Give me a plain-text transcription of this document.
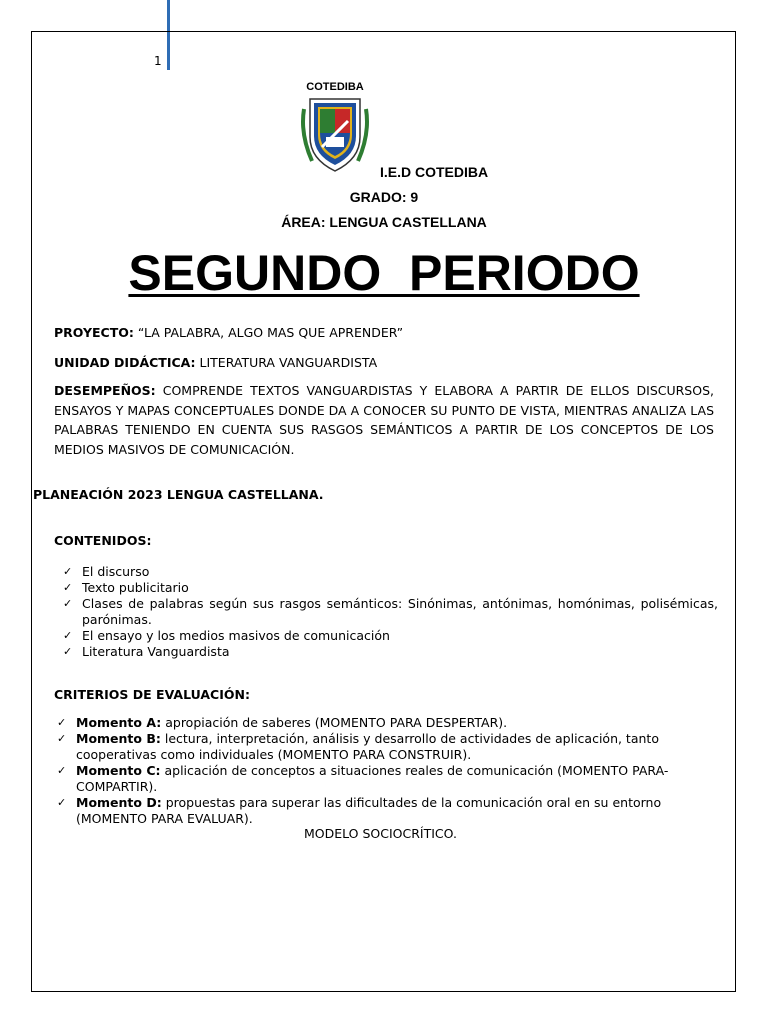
1
COTEDIBA
I.E.D COTEDIBA
GRADO: 9
ÁREA: LENGUA CASTELLANA
SEGUNDO  PERIODO
PROYECTO: “LA PALABRA, ALGO MAS QUE APRENDER”
UNIDAD DIDÁCTICA: LITERATURA VANGUARDISTA
DESEMPEÑOS: COMPRENDE TEXTOS VANGUARDISTAS Y ELABORA A PARTIR DE ELLOS DISCURSOS, ENSAYOS Y MAPAS CONCEPTUALES DONDE DA A CONOCER SU PUNTO DE VISTA, MIENTRAS ANALIZA LAS PALABRAS TENIENDO EN CUENTA SUS RASGOS SEMÁNTICOS A PARTIR DE LOS CONCEPTOS DE LOS MEDIOS MASIVOS DE COMUNICACIÓN.
PLANEACIÓN 2023 LENGUA CASTELLANA.
CONTENIDOS:
✓ El discurso
✓ Texto publicitario
✓ Clases de palabras según sus rasgos semánticos: Sinónimas, antónimas, homónimas, polisémicas, parónimas.
✓ El ensayo y los medios masivos de comunicación
✓ Literatura Vanguardista
CRITERIOS DE EVALUACIÓN:
✓ Momento A: apropiación de saberes (MOMENTO PARA DESPERTAR).
✓ Momento B: lectura, interpretación, análisis y desarrollo de actividades de aplicación, tanto cooperativas como individuales (MOMENTO PARA CONSTRUIR).
✓ Momento C: aplicación de conceptos a situaciones reales de comunicación (MOMENTO PARA-COMPARTIR).
✓ Momento D: propuestas para superar las dificultades de la comunicación oral en su entorno (MOMENTO PARA EVALUAR).
MODELO SOCIOCRÍTICO.
